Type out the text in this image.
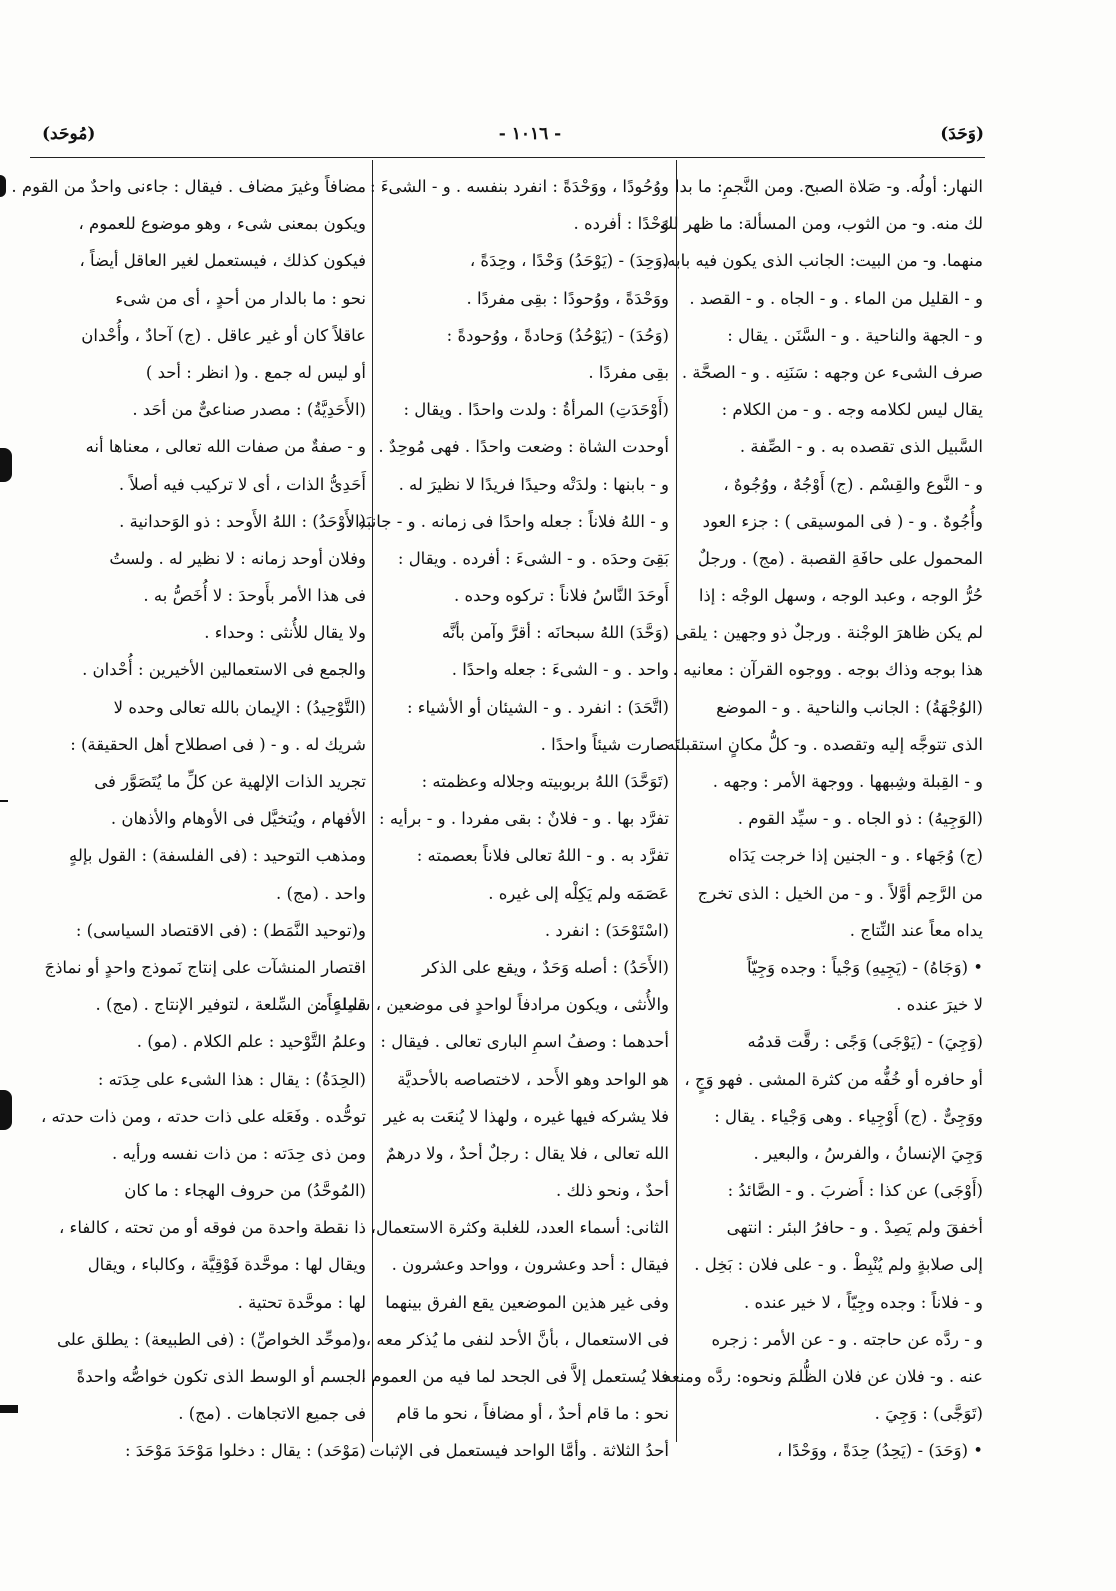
(مُوحَد)	- ١٠١٦ -	(وَحَدَ)
النهار: أولُه. و- صَلاة الصبح. ومن النَّجمِ: ما بدا
لك منه. و- من الثوب، ومن المسألة: ما ظهر لك
منهما. و- من البيت: الجانب الذى يكون فيه بابه.
و - القليل من الماء . و - الجاه . و - القصد .
و - الجهة والناحية . و - السَّنَن . يقال :
صرف الشىء عن وجهه : سَنَنِه . و - الصحَّة .
يقال ليس لكلامه وجه . و - من الكلام :
السَّبيل الذى تقصده به . و - الصِّفة .
و - النَّوع والقِسْم . (ج) أَوْجُهٌ ، ووُجُوهٌ ،
وأُجُوهٌ . و - ( فى الموسيقى ) : جزء العود
المحمول على حافَةِ القصبة . (مج) . ورجلٌ
حُرُّ الوجه ، وعبد الوجه ، وسهل الوجْه : إذا
لم يكن ظاهرَ الوجْنة . ورجلٌ ذو وجهين : يلقى
هذا بوجه وذاك بوجه . ووجوه القرآن : معانيه .
(الوُجْهَةُ) : الجانب والناحية . و - الموضع
الذى تتوجَّه إليه وتقصده . و- كلُّ مكانٍ استقبلتَه .
و - القِبلة وشِبهها . ووجهة الأمر : وجهه .
(الوَجِيهُ) : ذو الجاه . و - سيِّد القوم .
(ج) وُجَهاء . و - الجنين إذا خرجت يَدَاه
من الرَّحِم أوَّلاً . و - من الخيل : الذى تخرج
يداه معاً عند النِّتاج .
• (وَجَاهُ) - (يَجِيهِ) وَجْياً : وجده وَجِيّاً
لا خيرَ عنده .
(وَجِيَ) - (يَوْجَى) وَجًى : رقَّت قدمُه
أو حافره أو خُفُّه من كثرة المشى . فهو وَجٍ ،
ووَجِىٌّ . (ج) أَوْجِياء . وهى وَجْياء . يقال :
وَجِيَ الإنسانُ ، والفرسُ ، والبعير .
(أَوْجَى) عن كذا : أَضربَ . و - الصَّائدُ :
أخفقَ ولم يَصِدْ . و - حافرُ البئر : انتهى
إلى صلابةٍ ولم يُنْبِطْ . و - على فلان : بَخِل .
و - فلاناً : وجده وجِيّاً ، لا خير عنده .
و - ردَّه عن حاجته . و - عن الأمر : زجره
عنه . و- فلان عن فلان الظُّلمَ ونحوه: ردَّه ومنعه .
(تَوَجَّى) : وَجِيَ .
• (وَحَدَ) - (يَحِدُ) حِدَةً ، ووَحْدًا ،
ووُحُودًا ، ووَحْدَةً : انفرد بنفسه . و - الشىءَ :
وَحْدًا : أفرده .
(وَحِدَ) - (يَوْحَدُ) وَحْدًا ، وحِدَةً ،
ووَحْدَةً ، ووُحودًا : بقِى مفردًا .
(وَحُدَ) - (يَوْحُدُ) وَحادةً ، ووُحودةً :
بقِى مفردًا .
(أَوْحَدَتِ) المرأةُ : ولدت واحدًا . ويقال :
أوحدت الشاة : وضعت واحدًا . فهى مُوحِدٌ .
و - بابنها : ولدَتْه وحيدًا فريدًا لا نظيرَ له .
و - اللهُ فلاناً : جعله واحدًا فى زمانه . و - جانبَه :
بَقِىَ وحدَه . و - الشىءَ : أفرده . ويقال :
أَوحَدَ النَّاسُ فلاناً : تركوه وحده .
(وَحَّدَ) اللهُ سبحانَه : أقرَّ وآمن بأنَّه
واحد . و - الشىءَ : جعله واحدًا .
(اتَّحَدَ) : انفرد . و - الشيئان أو الأشياء :
صارت شيئاً واحدًا .
(تَوَحَّدَ) اللهُ بربوبيته وجلاله وعظمته :
تفرَّد بها . و - فلانٌ : بقى مفردا . و - برأيه :
تفرَّد به . و - اللهُ تعالى فلاناً بعصمته :
عَصَمَه ولم يَكِلْه إلى غيره .
(اسْتَوْحَدَ) : انفرد .
(الأَحَدُ) : أصله وَحَدٌ ، ويقع على الذكر
والأُنثى ، ويكون مرادفاً لواحدٍ فى موضعين ، سماعاً :
أحدهما : وصفُ اسمِ البارى تعالى . فيقال :
هو الواحد وهو الأَحد ، لاختصاصه بالأحديَّة
فلا يشركه فيها غيره ، ولهذا لا يُنعَت به غير
الله تعالى ، فلا يقال : رجلٌ أحدٌ ، ولا درهمٌ
أحدٌ ، ونحو ذلك .
الثانى: أسماء العدد، للغلبة وكثرة الاستعمال،
فيقال : أحد وعشرون ، وواحد وعشرون .
وفى غير هذين الموضعين يقع الفرق بينهما
فى الاستعمال ، بأنَّ الأحد لنفى ما يُذكر معه ،
فلا يُستعمل إلاَّ فى الجحد لما فيه من العموم ،
نحو : ما قام أحدٌ ، أو مضافاً ، نحو ما قام
أحدُ الثلاثة . وأمَّا الواحد فيستعمل فى الإثبات
مضافاً وغيرَ مضاف . فيقال : جاءنى واحدٌ من القوم .
ويكون بمعنى شىء ، وهو موضوع للعموم ،
فيكون كذلك ، فيستعمل لغير العاقل أيضاً ،
نحو : ما بالدار من أحدٍ ، أى من شىء
عاقلاً كان أو غير عاقل . (ج) آحادٌ ، وأُحْدان
أو ليس له جمع . و( انظر : أحد )
(الأَحَدِيَّةُ) : مصدر صناعىٌّ من أحَد .
و - صفةٌ من صفات الله تعالى ، معناها أنه
أَحَدِىُّ الذات ، أى لا تركيب فيه أصلاً .
(الأَوْحَدُ) : اللهُ الأَوحد : ذو الوَحدانية .
وفلان أوحد زمانه : لا نظير له . ولستُ
فى هذا الأمر بأَوحدَ : لا أُخَصُّ به .
ولا يقال للأُنثى : وحداء .
والجمع فى الاستعمالين الأخيرين : أُحْدان .
(التَّوْحِيدُ) : الإيمان بالله تعالى وحده لا
شريك له . و - ( فى اصطلاح أهل الحقيقة) :
تجريد الذات الإلهية عن كلِّ ما يُتَصَوَّر فى
الأفهام ، ويُتخيَّل فى الأوهام والأذهان .
ومذهب التوحيد : (فى الفلسفة) : القول بإلهٍ
واحد . (مج) .
و(توحيد النَّمَط) : (فى الاقتصاد السياسى) :
اقتصار المنشآت على إنتاج نَموذج واحدٍ أو نماذجَ
قليلةٍ من السِّلعة ، لتوفير الإنتاج . (مج) .
وعلمُ التَّوْحيد : علم الكلام . (مو) .
(الحِدَةُ) : يقال : هذا الشىء على حِدَته :
توحُّده . وفَعَله على ذات حدته ، ومن ذات حدته ،
ومن ذى حِدَته : من ذات نفسه ورأيه .
(المُوحَّدُ) من حروف الهجاء : ما كان
ذا نقطة واحدة من فوقه أو من تحته ، كالفاء ،
ويقال لها : موحَّدة فَوْقِيَّة ، وكالباء ، ويقال
لها : موحَّدة تحتية .
و(موحِّد الخواصِّ) : (فى الطبيعة) : يطلق على
الجسم أو الوسط الذى تكون خواصُّه واحدةً
فى جميع الاتجاهات . (مج) .
(مَوْحَد) : يقال : دخلوا مَوْحَدَ مَوْحَدَ :
